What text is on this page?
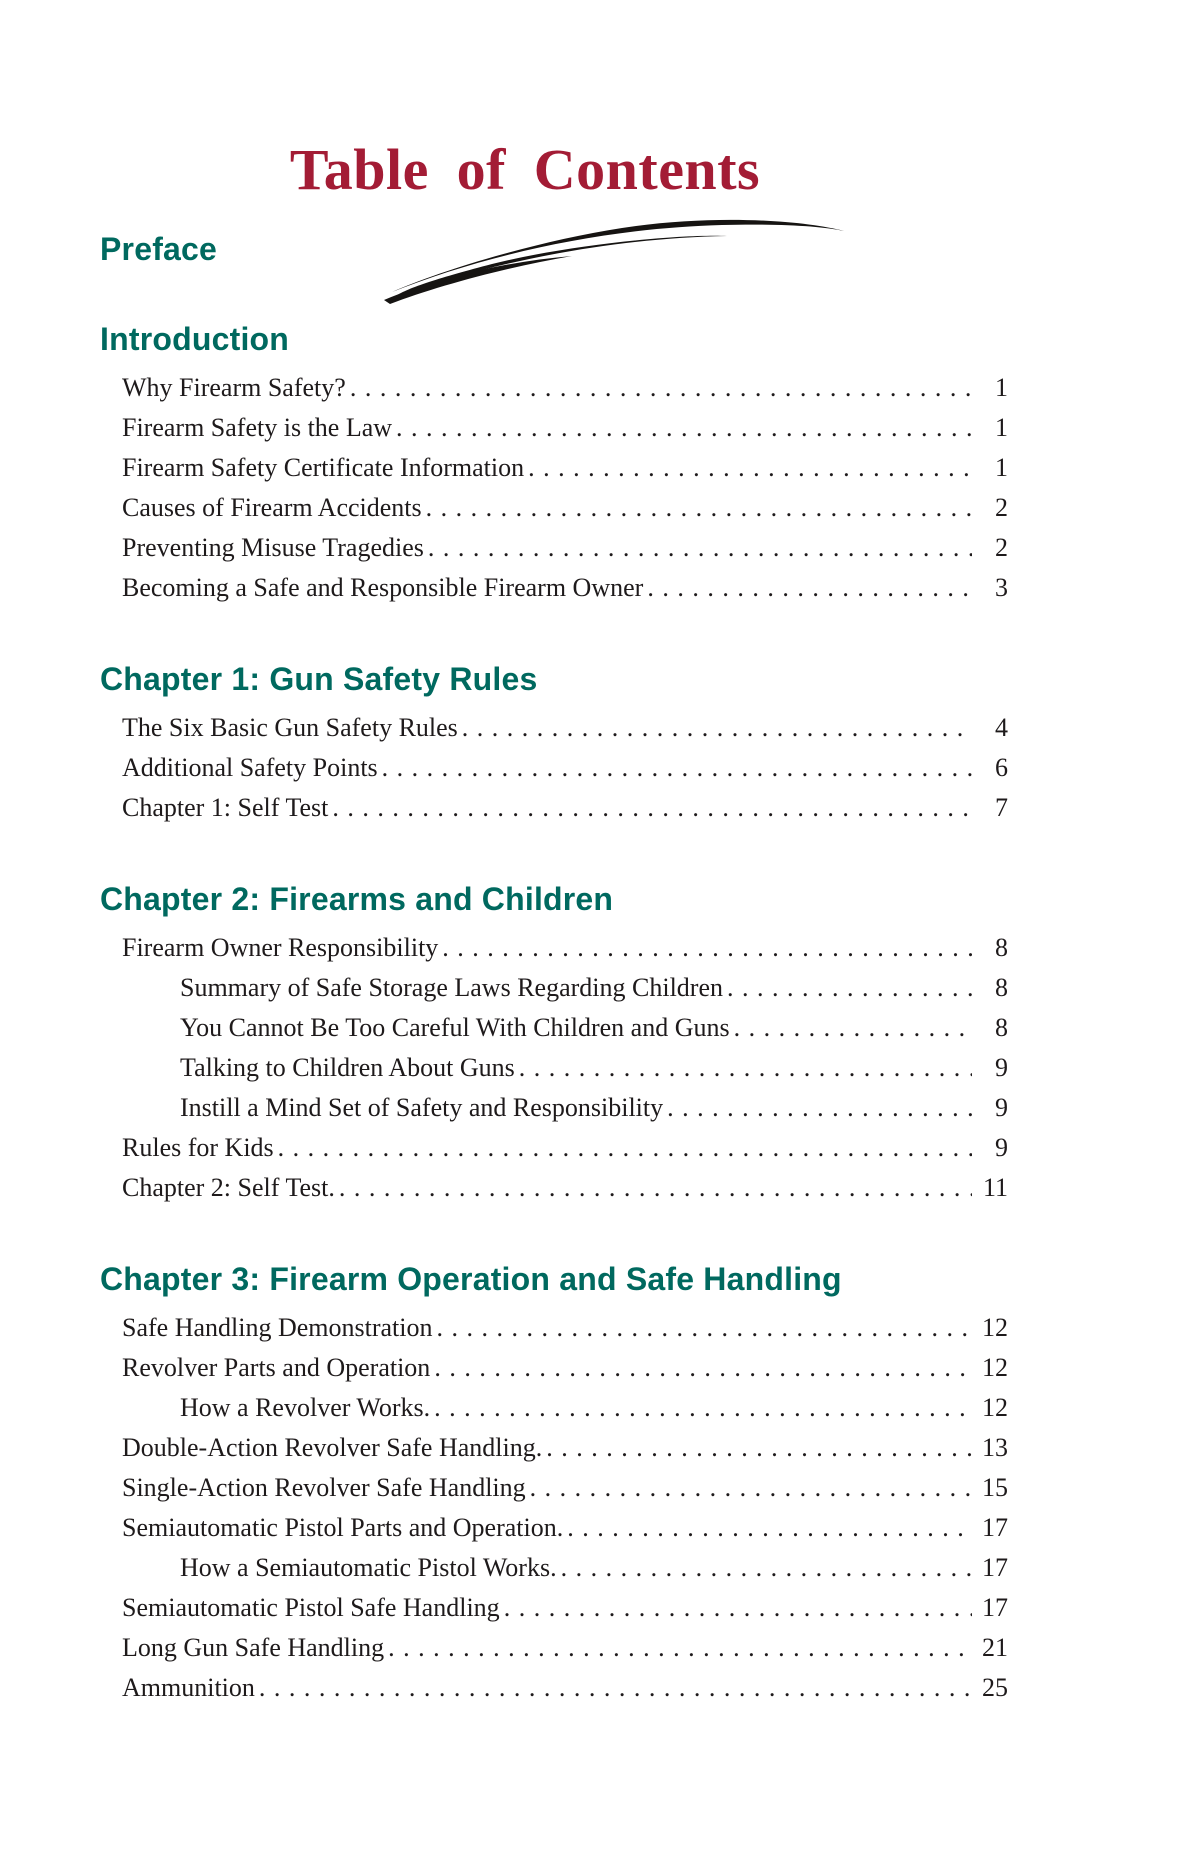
Table of Contents
Preface
Introduction
Why Firearm Safety? . . .	1
Firearm Safety is the Law . . .	1
Firearm Safety Certificate Information . . .	1
Causes of Firearm Accidents . . .	2
Preventing Misuse Tragedies . . .	2
Becoming a Safe and Responsible Firearm Owner . . .	3
Chapter 1: Gun Safety Rules
The Six Basic Gun Safety Rules . . .	4
Additional Safety Points . . .	6
Chapter 1: Self Test . . .	7
Chapter 2: Firearms and Children
Firearm Owner Responsibility . . .	8
Summary of Safe Storage Laws Regarding Children . . .	8
You Cannot Be Too Careful With Children and Guns . . .	8
Talking to Children About Guns . . .	9
Instill a Mind Set of Safety and Responsibility . . .	9
Rules for Kids . . .	9
Chapter 2: Self Test. . . .	11
Chapter 3: Firearm Operation and Safe Handling
Safe Handling Demonstration . . .	12
Revolver Parts and Operation . . .	12
How a Revolver Works. . . .	12
Double-Action Revolver Safe Handling. . . .	13
Single-Action Revolver Safe Handling . . .	15
Semiautomatic Pistol Parts and Operation. . . .	17
How a Semiautomatic Pistol Works. . . .	17
Semiautomatic Pistol Safe Handling . . .	17
Long Gun Safe Handling . . .	21
Ammunition . . .	25
